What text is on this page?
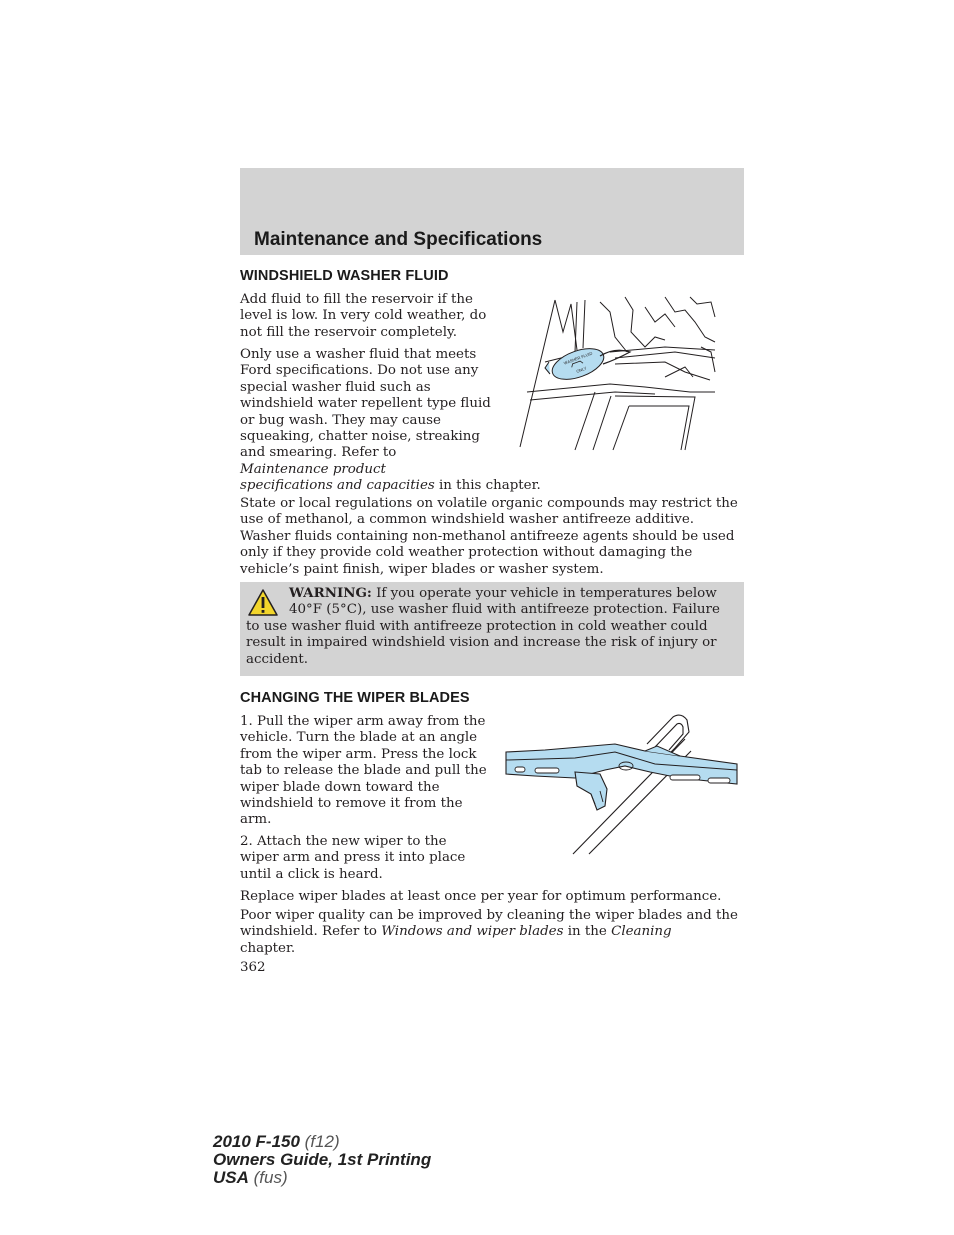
Maintenance and Specifications
WINDSHIELD WASHER FLUID
Add fluid to fill the reservoir if the
level is low. In very cold weather, do
not fill the reservoir completely.
Only use a washer fluid that meets
Ford specifications. Do not use any
special washer fluid such as
windshield water repellent type fluid
or bug wash. They may cause
squeaking, chatter noise, streaking
and smearing. Refer to
Maintenance product
specifications and capacities in this chapter.
WASHER FLUID
ONLY
State or local regulations on volatile organic compounds may restrict the
use of methanol, a common windshield washer antifreeze additive.
Washer fluids containing non-methanol antifreeze agents should be used
only if they provide cold weather protection without damaging the
vehicle’s paint finish, wiper blades or washer system.
WARNING: If you operate your vehicle in temperatures below
40°F (5°C), use washer fluid with antifreeze protection. Failure
to use washer fluid with antifreeze protection in cold weather could
result in impaired windshield vision and increase the risk of injury or
accident.
CHANGING THE WIPER BLADES
1. Pull the wiper arm away from the
vehicle. Turn the blade at an angle
from the wiper arm. Press the lock
tab to release the blade and pull the
wiper blade down toward the
windshield to remove it from the
arm.
2. Attach the new wiper to the
wiper arm and press it into place
until a click is heard.
Replace wiper blades at least once per year for optimum performance.
Poor wiper quality can be improved by cleaning the wiper blades and the
windshield. Refer to Windows and wiper blades in the Cleaning
chapter.
362
2010 F-150 (f12)
Owners Guide, 1st Printing
USA (fus)
